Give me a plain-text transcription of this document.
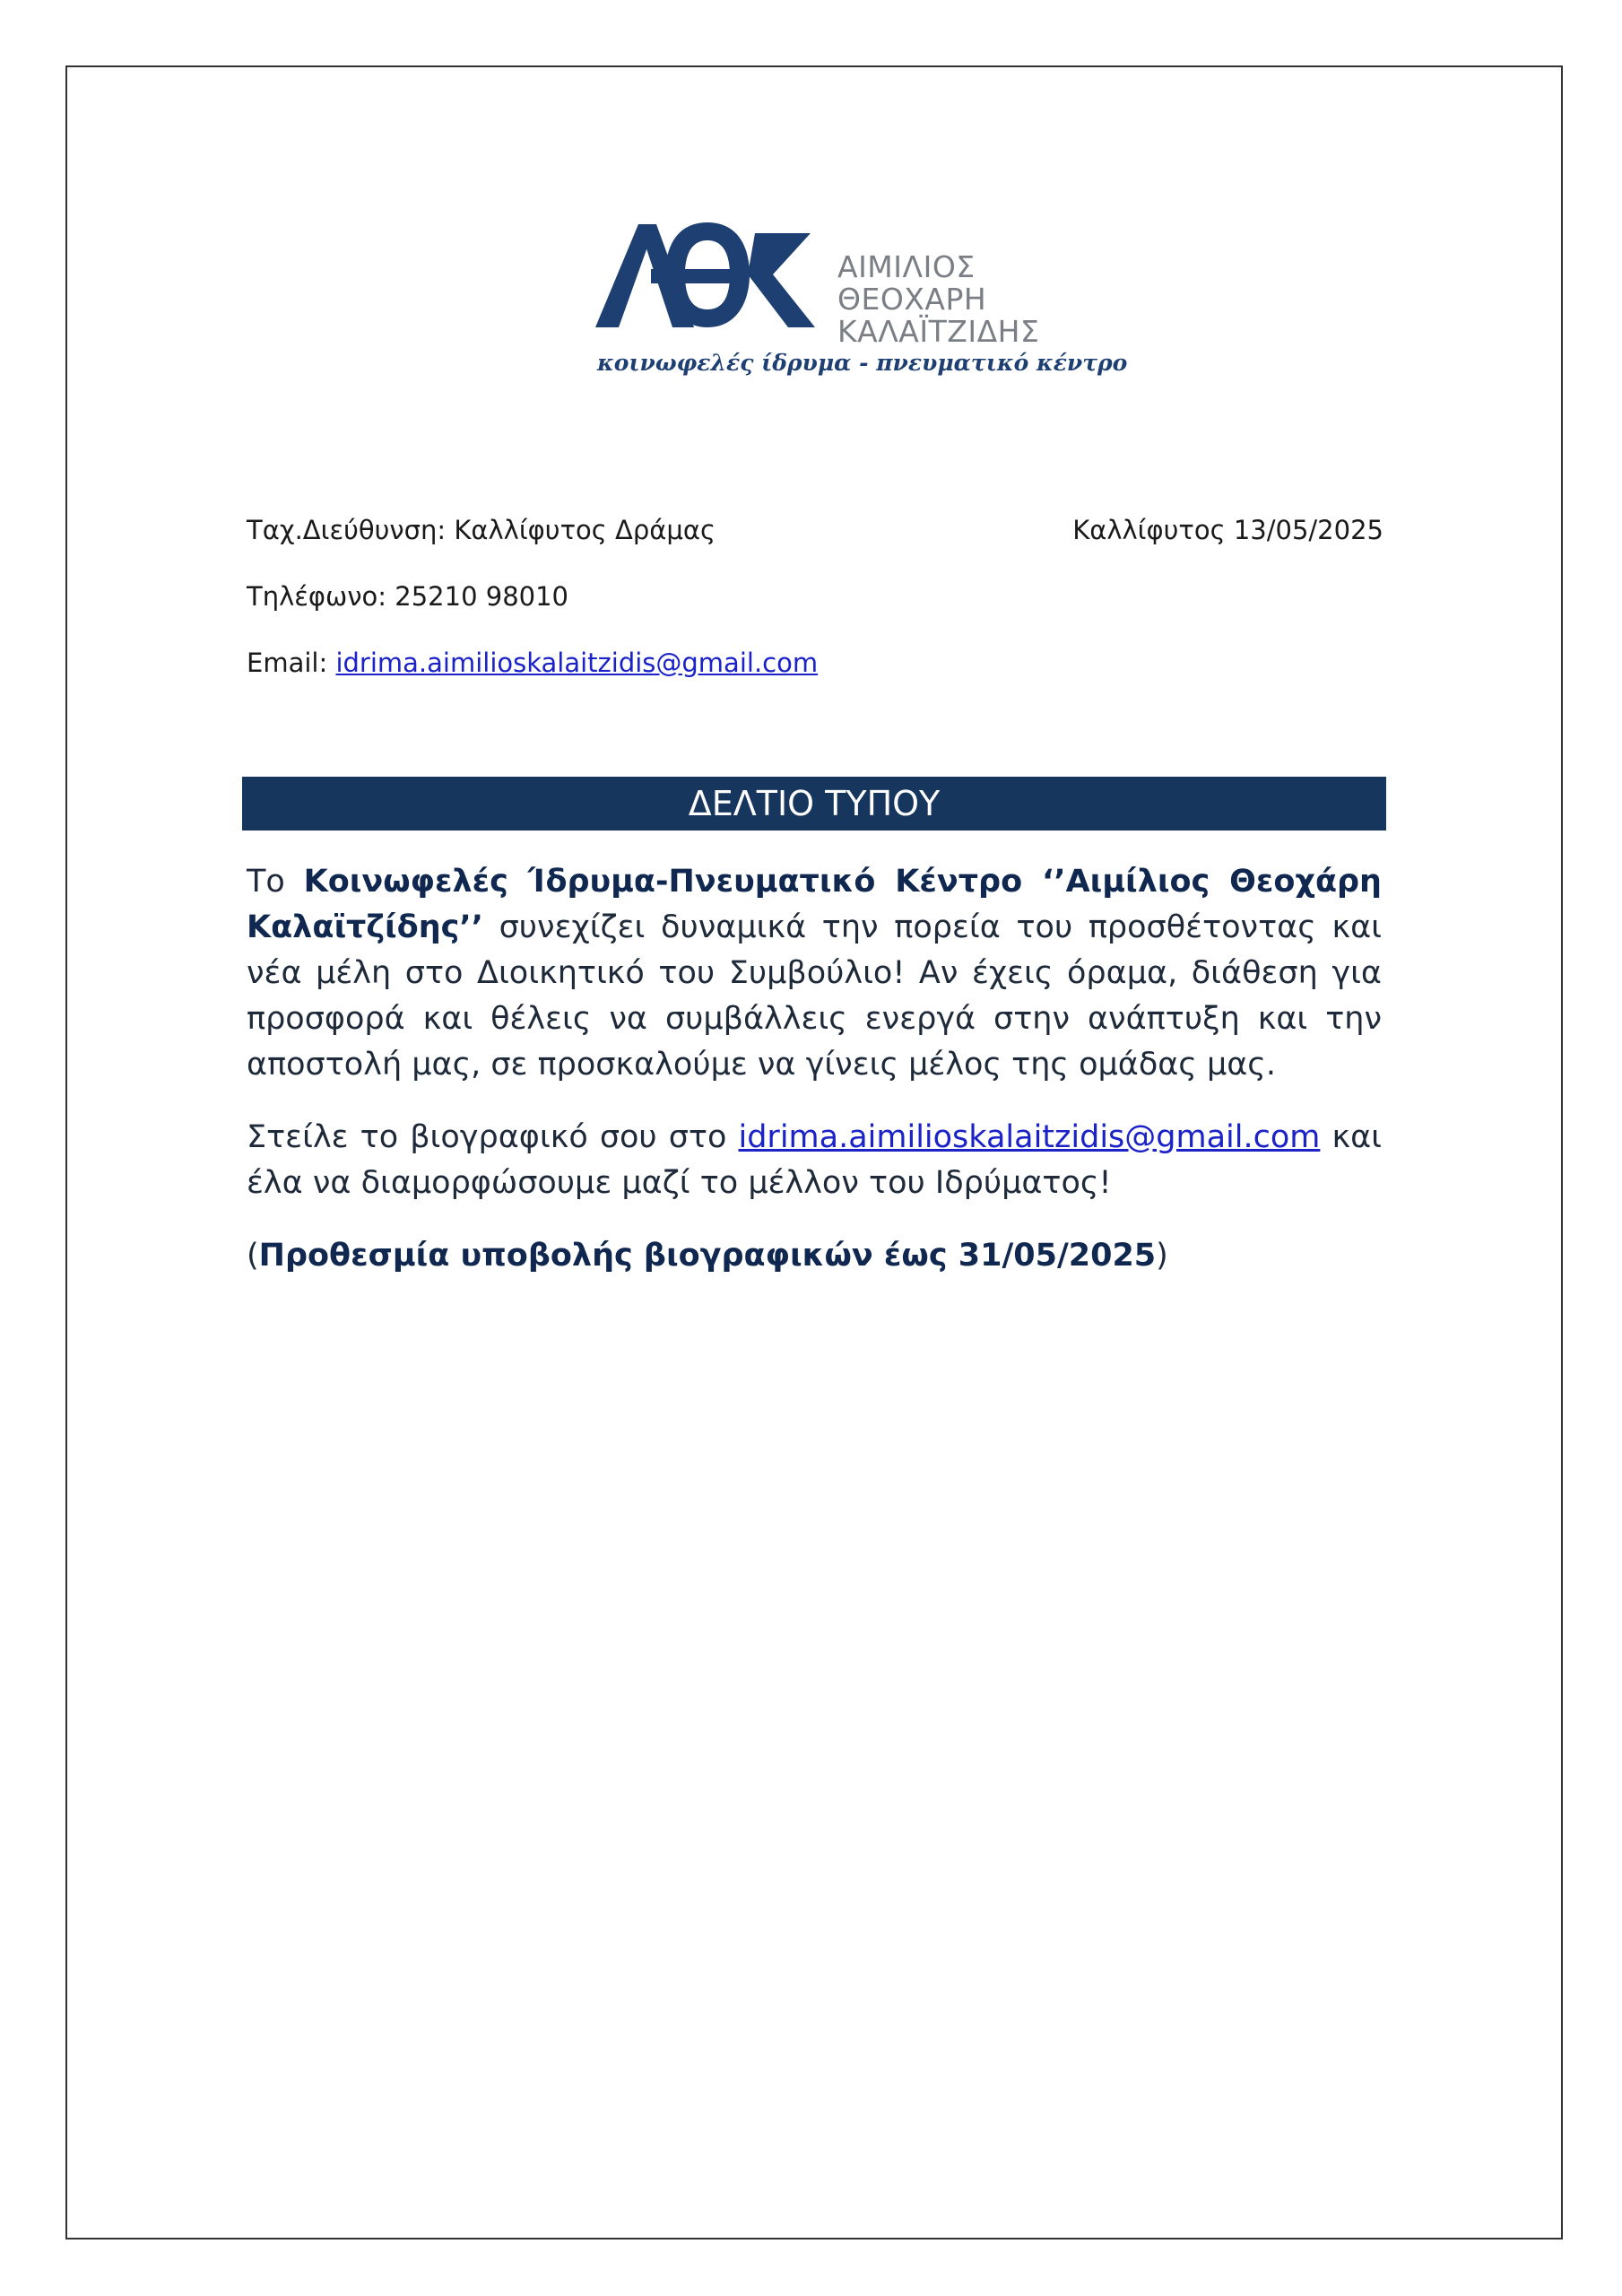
ΑΙΜΙΛΙΟΣ
ΘΕΟΧΑΡΗ
ΚΑΛΑΪΤΖΙΔΗΣ
κοινωφελές ίδρυμα - πνευματικό κέντρο
Ταχ.Διεύθυνση: Καλλίφυτος Δράμας	Καλλίφυτος 13/05/2025
Τηλέφωνο: 25210 98010
Email: idrima.aimilioskalaitzidis@gmail.com
ΔΕΛΤΙΟ ΤΥΠΟΥ

Το Κοινωφελές Ίδρυμα-Πνευματικό Κέντρο ‘’Αιμίλιος Θεοχάρη Καλαϊτζίδης’’ συνεχίζει δυναμικά την πορεία του προσθέτοντας και νέα μέλη στο Διοικητικό του Συμβούλιο! Αν έχεις όραμα, διάθεση για προσφορά και θέλεις να συμβάλλεις ενεργά στην ανάπτυξη και την αποστολή μας, σε προσκαλούμε να γίνεις μέλος της ομάδας μας.

Στείλε το βιογραφικό σου στο idrima.aimilioskalaitzidis@gmail.com και έλα να διαμορφώσουμε μαζί το μέλλον του Ιδρύματος!

(Προθεσμία υποβολής βιογραφικών έως 31/05/2025)
